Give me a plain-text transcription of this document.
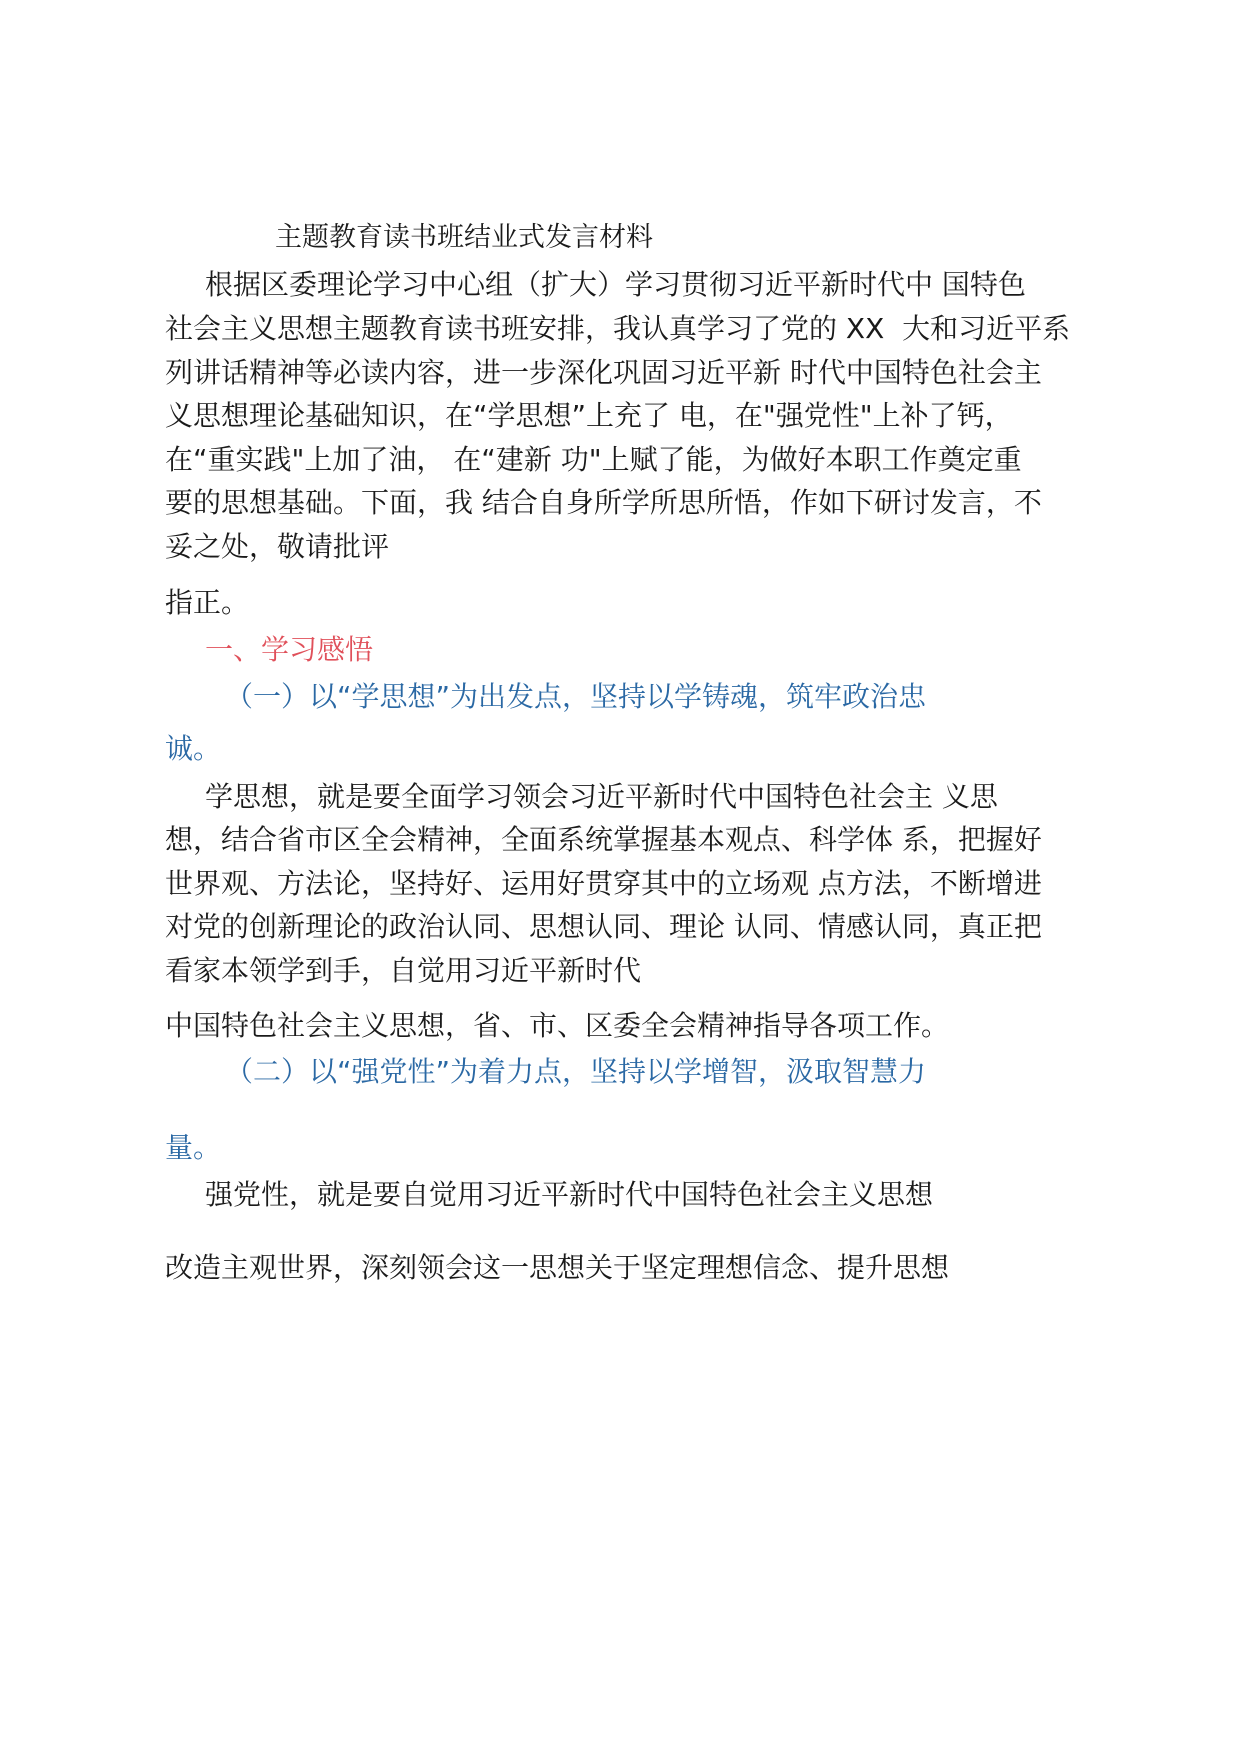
主题教育读书班结业式发言材料

根据区委理论学习中心组（扩大）学习贯彻习近平新时代中 国特色

社会主义思想主题教育读书班安排，我认真学习了党的 XX  大和习近平系

列讲话精神等必读内容，进一步深化巩固习近平新 时代中国特色社会主

义思想理论基础知识，在“学思想”上充了 电，在"强党性"上补了钙，

在“重实践"上加了油， 在“建新 功"上赋了能，为做好本职工作奠定重

要的思想基础。下面，我 结合自身所学所思所悟，作如下研讨发言，不

妥之处，敬请批评

指正。

一、学习感悟

（一）以“学思想”为出发点，坚持以学铸魂，筑牢政治忠

诚。

学思想，就是要全面学习领会习近平新时代中国特色社会主 义思

想，结合省市区全会精神，全面系统掌握基本观点、科学体 系，把握好

世界观、方法论，坚持好、运用好贯穿其中的立场观 点方法，不断增进

对党的创新理论的政治认同、思想认同、理论 认同、情感认同，真正把

看家本领学到手，自觉用习近平新时代

中国特色社会主义思想，省、市、区委全会精神指导各项工作。

（二）以“强党性”为着力点，坚持以学增智，汲取智慧力

量。

强党性，就是要自觉用习近平新时代中国特色社会主义思想

改造主观世界，深刻领会这一思想关于坚定理想信念、提升思想
